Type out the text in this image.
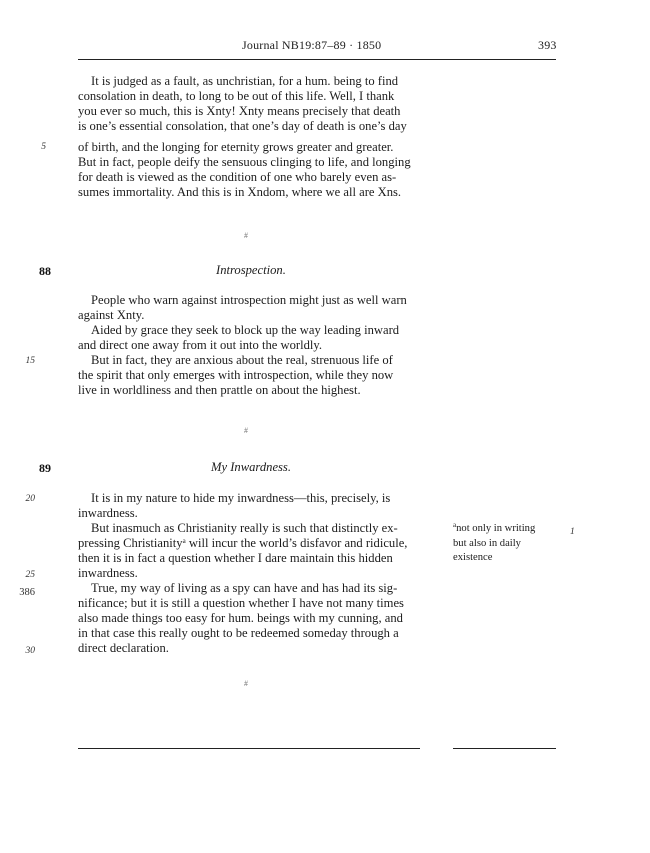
Journal NB19:87–89 · 1850	393
It is judged as a fault, as unchristian, for a hum. being to find
consolation in death, to long to be out of this life. Well, I thank
you ever so much, this is Xnty! Xnty means precisely that death
is one’s essential consolation, that one’s day of death is one’s day
of birth, and the longing for eternity grows greater and greater.
But in fact, people deify the sensuous clinging to life, and longing
for death is viewed as the condition of one who barely even as-
sumes immortality. And this is in Xndom, where we all are Xns.
5
#
88	Introspection.
People who warn against introspection might just as well warn
against Xnty.
Aided by grace they seek to block up the way leading inward
and direct one away from it out into the worldly.
But in fact, they are anxious about the real, strenuous life of
the spirit that only emerges with introspection, while they now
live in worldliness and then prattle on about the highest.
15
#
89	My Inwardness.
It is in my nature to hide my inwardness—this, precisely, is
inwardness.
But inasmuch as Christianity really is such that distinctly ex-
pressing Christianity$^a$ will incur the world’s disfavor and ridicule,
then it is in fact a question whether I dare maintain this hidden
inwardness.
True, my way of living as a spy can have and has had its sig-
nificance; but it is still a question whether I have not many times
also made things too easy for hum. beings with my cunning, and
in that case this really ought to be redeemed someday through a
direct declaration.
20
25
386
30
$^a$not only in writing
but also in daily
existence
1
#
